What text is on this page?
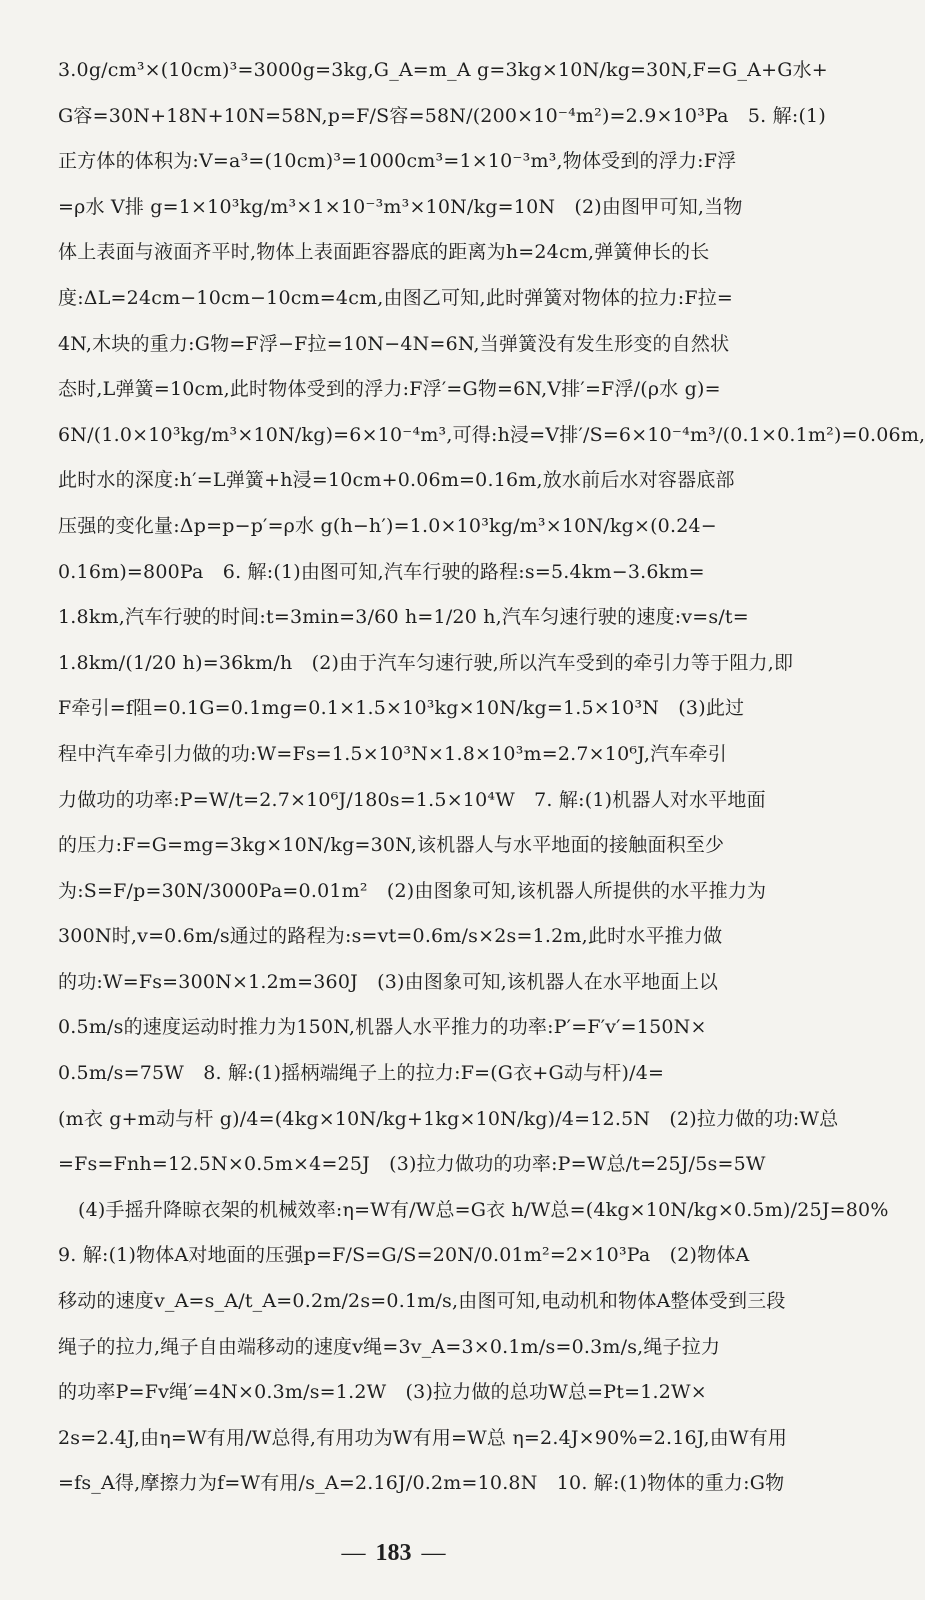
3.0g/cm³×(10cm)³=3000g=3kg,G_A=m_A g=3kg×10N/kg=30N,F=G_A+G水+
G容=30N+18N+10N=58N,p=F/S容=58N/(200×10⁻⁴m²)=2.9×10³Pa　5. 解:(1)
正方体的体积为:V=a³=(10cm)³=1000cm³=1×10⁻³m³,物体受到的浮力:F浮
=ρ水 V排 g=1×10³kg/m³×1×10⁻³m³×10N/kg=10N　(2)由图甲可知,当物
体上表面与液面齐平时,物体上表面距容器底的距离为h=24cm,弹簧伸长的长
度:ΔL=24cm−10cm−10cm=4cm,由图乙可知,此时弹簧对物体的拉力:F拉=
4N,木块的重力:G物=F浮−F拉=10N−4N=6N,当弹簧没有发生形变的自然状
态时,L弹簧=10cm,此时物体受到的浮力:F浮′=G物=6N,V排′=F浮/(ρ水 g)=
6N/(1.0×10³kg/m³×10N/kg)=6×10⁻⁴m³,可得:h浸=V排′/S=6×10⁻⁴m³/(0.1×0.1m²)=0.06m,
此时水的深度:h′=L弹簧+h浸=10cm+0.06m=0.16m,放水前后水对容器底部
压强的变化量:Δp=p−p′=ρ水 g(h−h′)=1.0×10³kg/m³×10N/kg×(0.24−
0.16m)=800Pa　6. 解:(1)由图可知,汽车行驶的路程:s=5.4km−3.6km=
1.8km,汽车行驶的时间:t=3min=3/60 h=1/20 h,汽车匀速行驶的速度:v=s/t=
1.8km/(1/20 h)=36km/h　(2)由于汽车匀速行驶,所以汽车受到的牵引力等于阻力,即
F牵引=f阻=0.1G=0.1mg=0.1×1.5×10³kg×10N/kg=1.5×10³N　(3)此过
程中汽车牵引力做的功:W=Fs=1.5×10³N×1.8×10³m=2.7×10⁶J,汽车牵引
力做功的功率:P=W/t=2.7×10⁶J/180s=1.5×10⁴W　7. 解:(1)机器人对水平地面
的压力:F=G=mg=3kg×10N/kg=30N,该机器人与水平地面的接触面积至少
为:S=F/p=30N/3000Pa=0.01m²　(2)由图象可知,该机器人所提供的水平推力为
300N时,v=0.6m/s通过的路程为:s=vt=0.6m/s×2s=1.2m,此时水平推力做
的功:W=Fs=300N×1.2m=360J　(3)由图象可知,该机器人在水平地面上以
0.5m/s的速度运动时推力为150N,机器人水平推力的功率:P′=F′v′=150N×
0.5m/s=75W　8. 解:(1)摇柄端绳子上的拉力:F=(G衣+G动与杆)/4=
(m衣 g+m动与杆 g)/4=(4kg×10N/kg+1kg×10N/kg)/4=12.5N　(2)拉力做的功:W总
=Fs=Fnh=12.5N×0.5m×4=25J　(3)拉力做功的功率:P=W总/t=25J/5s=5W
(4)手摇升降晾衣架的机械效率:η=W有/W总=G衣 h/W总=(4kg×10N/kg×0.5m)/25J=80%
9. 解:(1)物体A对地面的压强p=F/S=G/S=20N/0.01m²=2×10³Pa　(2)物体A
移动的速度v_A=s_A/t_A=0.2m/2s=0.1m/s,由图可知,电动机和物体A整体受到三段
绳子的拉力,绳子自由端移动的速度v绳=3v_A=3×0.1m/s=0.3m/s,绳子拉力
的功率P=Fv绳′=4N×0.3m/s=1.2W　(3)拉力做的总功W总=Pt=1.2W×
2s=2.4J,由η=W有用/W总得,有用功为W有用=W总 η=2.4J×90%=2.16J,由W有用
=fs_A得,摩擦力为f=W有用/s_A=2.16J/0.2m=10.8N　10. 解:(1)物体的重力:G物
— 183 —
